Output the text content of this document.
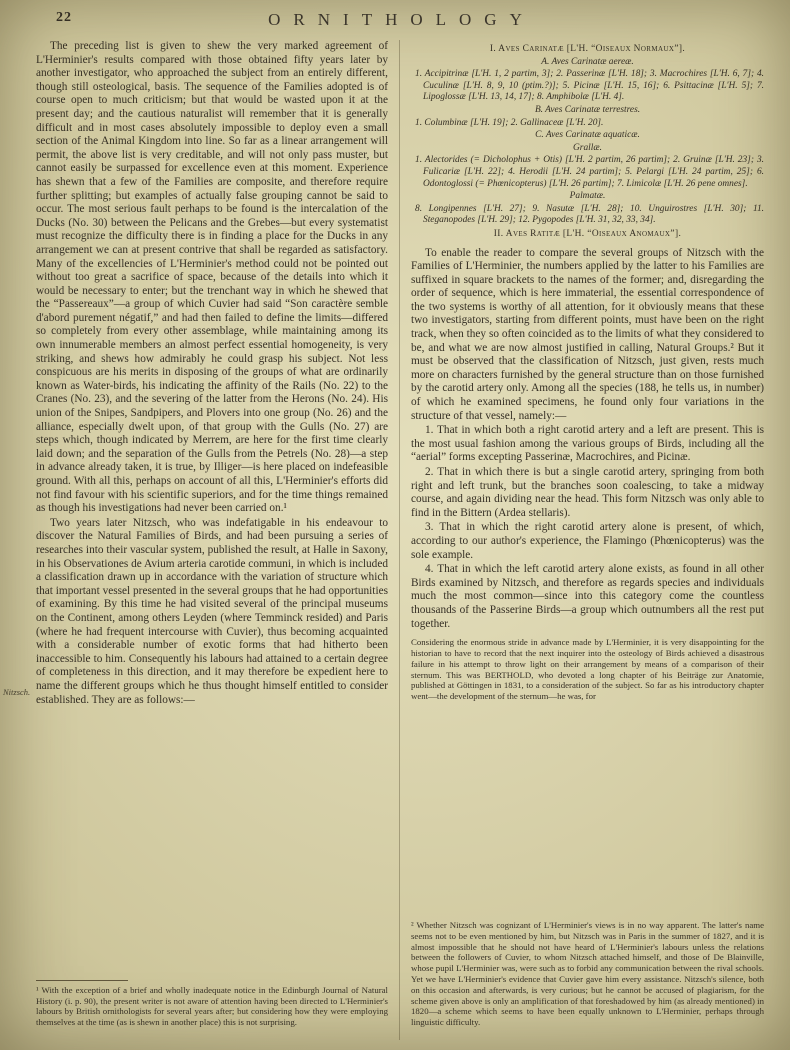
22	ORNITHOLOGY
Nitzsch.

The preceding list is given to shew the very marked agreement of L'Herminier's results compared with those obtained fifty years later by another investigator, who approached the subject from an entirely different, though still osteological, basis. The sequence of the Families adopted is of course open to much criticism; but that would be wasted upon it at the present day; and the cautious naturalist will remember that it is generally difficult and in most cases absolutely impossible to deploy even a small section of the Animal Kingdom into line. So far as a linear arrangement will permit, the above list is very creditable, and will not only pass muster, but cannot easily be surpassed for excellence even at this moment. Experience has shewn that a few of the Families are composite, and therefore require further splitting; but examples of actually false grouping cannot be said to occur. The most serious fault perhaps to be found is the intercalation of the Ducks (No. 30) between the Pelicans and the Grebes—but every systematist must recognize the difficulty there is in finding a place for the Ducks in any arrangement we can at present contrive that shall be regarded as satisfactory. Many of the excellencies of L'Herminier's method could not be pointed out without too great a sacrifice of space, because of the details into which it would be necessary to enter; but the trenchant way in which he shewed that the “Passereaux”—a group of which Cuvier had said “Son caractère semble d'abord purement négatif,” and had then failed to define the limits—differed so completely from every other assemblage, while maintaining among its own innumerable members an almost perfect essential homogeneity, is very striking, and shews how admirably he could grasp his subject. Not less conspicuous are his merits in disposing of the groups of what are ordinarily known as Water-birds, his indicating the affinity of the Rails (No. 22) to the Cranes (No. 23), and the severing of the latter from the Herons (No. 24). His union of the Snipes, Sandpipers, and Plovers into one group (No. 26) and the alliance, especially dwelt upon, of that group with the Gulls (No. 27) are steps which, though indicated by Merrem, are here for the first time clearly laid down; and the separation of the Gulls from the Petrels (No. 28)—a step in advance already taken, it is true, by Illiger—is here placed on indefeasible ground. With all this, perhaps on account of all this, L'Herminier's efforts did not find favour with his scientific superiors, and for the time things remained as though his investigations had never been carried on.¹

Two years later Nitzsch, who was indefatigable in his endeavour to discover the Natural Families of Birds, and had been pursuing a series of researches into their vascular system, published the result, at Halle in Saxony, in his Observationes de Avium arteria carotide communi, in which is included a classification drawn up in accordance with the variation of structure which that important vessel presented in the several groups that he had opportunities of examining. By this time he had visited several of the principal museums on the Continent, among others Leyden (where Temminck resided) and Paris (where he had frequent intercourse with Cuvier), thus becoming acquainted with a considerable number of exotic forms that had hitherto been inaccessible to him. Consequently his labours had attained to a certain degree of completeness in this direction, and it may therefore be expedient here to name the different groups which he thus thought himself entitled to consider established. They are as follows:—

¹ With the exception of a brief and wholly inadequate notice in the Edinburgh Journal of Natural History (i. p. 90), the present writer is not aware of attention having been directed to L'Herminier's labours by British ornithologists for several years after; but considering how they were employing themselves at the time (as is shewn in another place) this is not surprising.

I. Aves Carinatæ [L'H. “Oiseaux Normaux”].
A. Aves Carinatæ aereæ.
1. Accipitrinæ [L'H. 1, 2 partim, 3]; 2. Passerinæ [L'H. 18]; 3. Macrochires [L'H. 6, 7]; 4. Cuculinæ [L'H. 8, 9, 10 (ptim.?)]; 5. Picinæ [L'H. 15, 16]; 6. Psittacinæ [L'H. 5]; 7. Lipoglossæ [L'H. 13, 14, 17]; 8. Amphibolæ [L'H. 4].
B. Aves Carinatæ terrestres.
1. Columbinæ [L'H. 19]; 2. Gallinaceæ [L'H. 20].
C. Aves Carinatæ aquaticæ.
Grallæ.
1. Alectorides (= Dicholophus + Otis) [L'H. 2 partim, 26 partim]; 2. Gruinæ [L'H. 23]; 3. Fulicariæ [L'H. 22]; 4. Herodii [L'H. 24 partim]; 5. Pelargi [L'H. 24 partim, 25]; 6. Odontoglossi (= Phœnicopterus) [L'H. 26 partim]; 7. Limicolæ [L'H. 26 pene omnes].
Palmatæ.
8. Longipennes [L'H. 27]; 9. Nasutæ [L'H. 28]; 10. Unguirostres [L'H. 30]; 11. Steganopodes [L'H. 29]; 12. Pygopodes [L'H. 31, 32, 33, 34].
II. Aves Ratitæ [L'H. “Oiseaux Anomaux”].

To enable the reader to compare the several groups of Nitzsch with the Families of L'Herminier, the numbers applied by the latter to his Families are suffixed in square brackets to the names of the former; and, disregarding the order of sequence, which is here immaterial, the essential correspondence of the two systems is worthy of all attention, for it obviously means that these two investigators, starting from different points, must have been on the right track, when they so often coincided as to the limits of what they considered to be, and what we are now almost justified in calling, Natural Groups.² But it must be observed that the classification of Nitzsch, just given, rests much more on characters furnished by the general structure than on those furnished by the carotid artery only. Among all the species (188, he tells us, in number) of which he examined specimens, he found only four variations in the structure of that vessel, namely:—

1. That in which both a right carotid artery and a left are present. This is the most usual fashion among the various groups of Birds, including all the “aerial” forms excepting Passerinæ, Macrochires, and Picinæ.

2. That in which there is but a single carotid artery, springing from both right and left trunk, but the branches soon coalescing, to take a midway course, and again dividing near the head. This form Nitzsch was only able to find in the Bittern (Ardea stellaris).

3. That in which the right carotid artery alone is present, of which, according to our author's experience, the Flamingo (Phœnicopterus) was the sole example.

4. That in which the left carotid artery alone exists, as found in all other Birds examined by Nitzsch, and therefore as regards species and individuals much the most common—since into this category come the countless thousands of the Passerine Birds—a group which outnumbers all the rest put together.

Considering the enormous stride in advance made by L'Herminier, it is very disappointing for the historian to have to record that the next inquirer into the osteology of Birds achieved a disastrous failure in his attempt to throw light on their arrangement by means of a comparison of their sternum. This was BERTHOLD, who devoted a long chapter of his Beiträge zur Anatomie, published at Göttingen in 1831, to a consideration of the subject. So far as his introductory chapter went—the development of the sternum—he was, for

² Whether Nitzsch was cognizant of L'Herminier's views is in no way apparent. The latter's name seems not to be even mentioned by him, but Nitzsch was in Paris in the summer of 1827, and it is almost impossible that he should not have heard of L'Herminier's labours unless the relations between the followers of Cuvier, to whom Nitzsch attached himself, and those of De Blainville, whose pupil L'Herminier was, were such as to forbid any communication between the rival schools. Yet we have L'Herminier's evidence that Cuvier gave him every assistance. Nitzsch's silence, both on this occasion and afterwards, is very curious; but he cannot be accused of plagiarism, for the scheme given above is only an amplification of that foreshadowed by him (as already mentioned) in 1820—a scheme which seems to have been equally unknown to L'Herminier, perhaps through linguistic difficulty.
